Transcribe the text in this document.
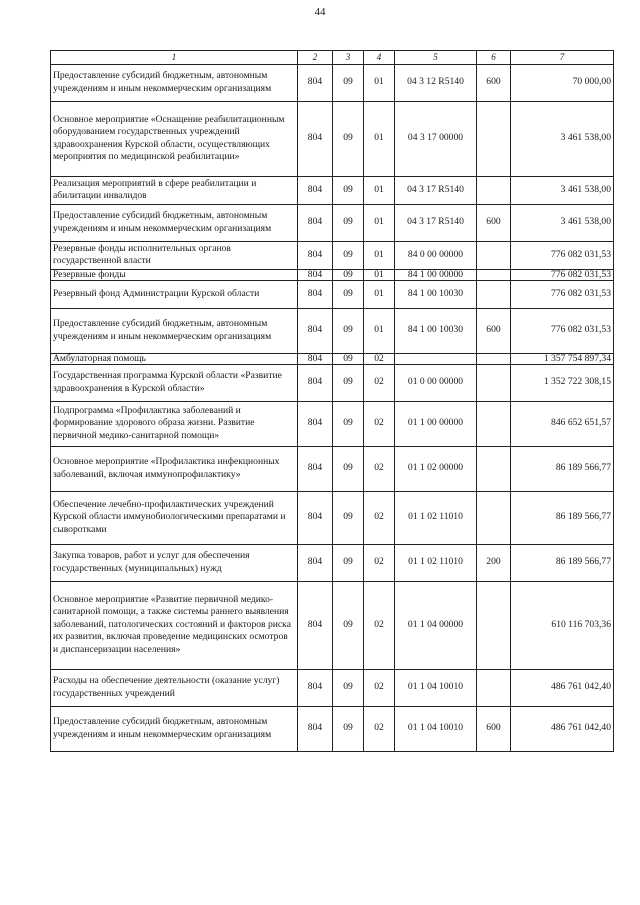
44
1	2	3	4	5	6	7
Предоставление субсидий бюджетным, автономным учреждениям и иным некоммерческим организациям	804	09	01	04 3 12 R5140	600	70 000,00
Основное мероприятие «Оснащение реабилитационным оборудованием государственных учреждений здравоохранения Курской области, осуществляющих мероприятия по медицинской реабилитации»	804	09	01	04 3 17 00000		3 461 538,00
Реализация мероприятий в сфере реабилитации и абилитации инвалидов	804	09	01	04 3 17 R5140		3 461 538,00
Предоставление субсидий бюджетным, автономным учреждениям и иным некоммерческим организациям	804	09	01	04 3 17 R5140	600	3 461 538,00
Резервные фонды исполнительных органов государственной власти	804	09	01	84 0 00 00000		776 082 031,53
Резервные фонды	804	09	01	84 1 00 00000		776 082 031,53
Резервный фонд Администрации Курской области	804	09	01	84 1 00 10030		776 082 031,53
Предоставление субсидий бюджетным, автономным учреждениям и иным некоммерческим организациям	804	09	01	84 1 00 10030	600	776 082 031,53
Амбулаторная помощь	804	09	02			1 357 754 897,34
Государственная программа Курской области «Развитие здравоохранения в Курской области»	804	09	02	01 0 00 00000		1 352 722 308,15
Подпрограмма «Профилактика заболеваний и формирование здорового образа жизни. Развитие первичной медико-санитарной помощи»	804	09	02	01 1 00 00000		846 652 651,57
Основное мероприятие «Профилактика инфекционных заболеваний, включая иммунопрофилактику»	804	09	02	01 1 02 00000		86 189 566,77
Обеспечение лечебно-профилактических учреждений Курской области иммунобиологическими препаратами и сыворотками	804	09	02	01 1 02 11010		86 189 566,77
Закупка товаров, работ и услуг для обеспечения государственных (муниципальных) нужд	804	09	02	01 1 02 11010	200	86 189 566,77
Основное мероприятие «Развитие первичной медико-санитарной помощи, а также системы раннего выявления заболеваний, патологических состояний и факторов риска их развития, включая проведение медицинских осмотров и диспансеризации населения»	804	09	02	01 1 04 00000		610 116 703,36
Расходы на обеспечение деятельности (оказание услуг) государственных учреждений	804	09	02	01 1 04 10010		486 761 042,40
Предоставление субсидий бюджетным, автономным учреждениям и иным некоммерческим организациям	804	09	02	01 1 04 10010	600	486 761 042,40
